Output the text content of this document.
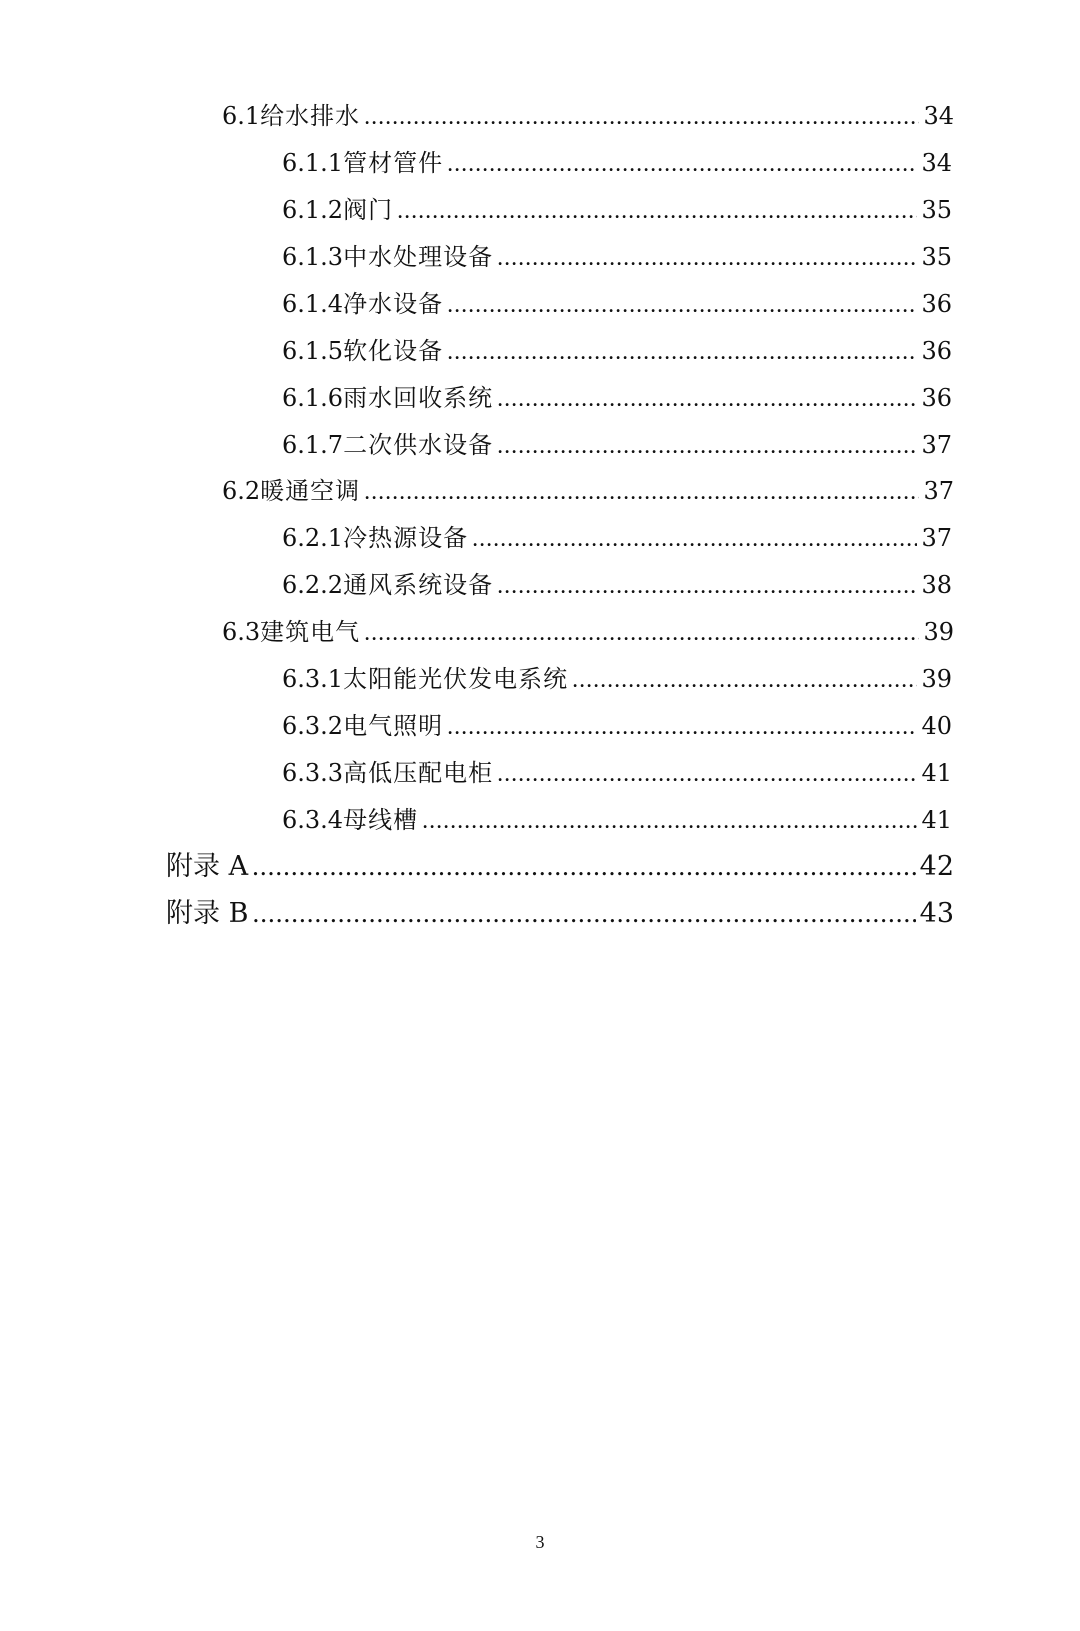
6.1 给水排水 .....	34
6.1.1 管材管件 .....	34
6.1.2 阀门 .....	35
6.1.3 中水处理设备 .....	35
6.1.4 净水设备 .....	36
6.1.5 软化设备 .....	36
6.1.6 雨水回收系统 .....	36
6.1.7 二次供水设备 .....	37
6.2 暖通空调 .....	37
6.2.1 冷热源设备 .....	37
6.2.2 通风系统设备 .....	38
6.3 建筑电气 .....	39
6.3.1 太阳能光伏发电系统 .....	39
6.3.2 电气照明 .....	40
6.3.3 高低压配电柜 .....	41
6.3.4 母线槽 .....	41
附录 A .....	42
附录 B .....	43
3
